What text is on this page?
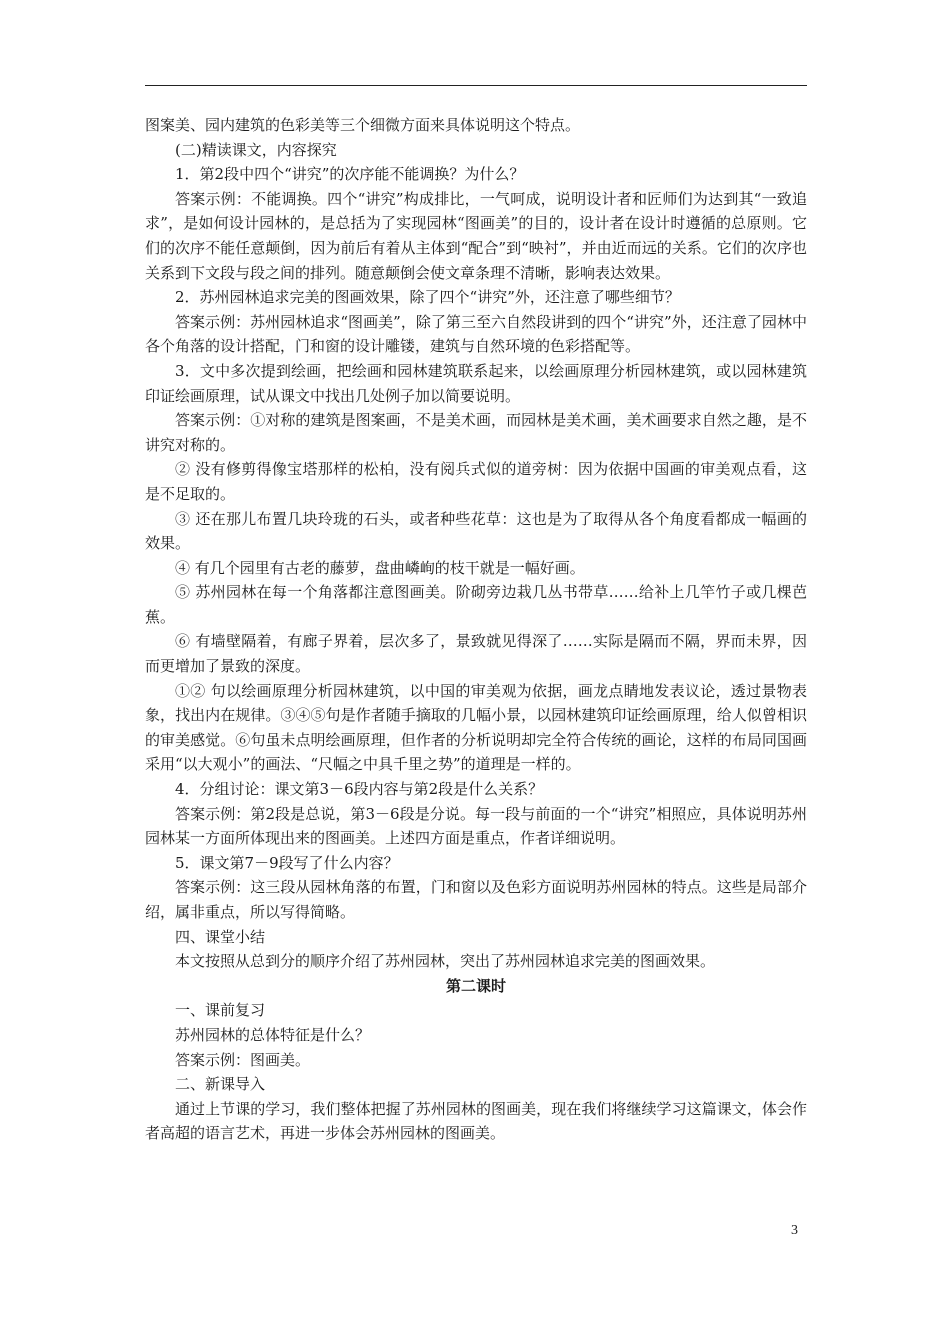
图案美、园内建筑的色彩美等三个细微方面来具体说明这个特点。

(二)精读课文，内容探究

1．第2段中四个“讲究”的次序能不能调换？为什么？

答案示例：不能调换。四个“讲究”构成排比，一气呵成，说明设计者和匠师们为达到其“一致追求”，是如何设计园林的，是总括为了实现园林“图画美”的目的，设计者在设计时遵循的总原则。它们的次序不能任意颠倒，因为前后有着从主体到“配合”到“映衬”，并由近而远的关系。它们的次序也关系到下文段与段之间的排列。随意颠倒会使文章条理不清晰，影响表达效果。

2．苏州园林追求完美的图画效果，除了四个“讲究”外，还注意了哪些细节？

答案示例：苏州园林追求“图画美”，除了第三至六自然段讲到的四个“讲究”外，还注意了园林中各个角落的设计搭配，门和窗的设计雕镂，建筑与自然环境的色彩搭配等。

3．文中多次提到绘画，把绘画和园林建筑联系起来，以绘画原理分析园林建筑，或以园林建筑印证绘画原理，试从课文中找出几处例子加以简要说明。

答案示例：①对称的建筑是图案画，不是美术画，而园林是美术画，美术画要求自然之趣，是不讲究对称的。

② 没有修剪得像宝塔那样的松柏，没有阅兵式似的道旁树：因为依据中国画的审美观点看，这是不足取的。

③ 还在那儿布置几块玲珑的石头，或者种些花草：这也是为了取得从各个角度看都成一幅画的效果。

④ 有几个园里有古老的藤萝，盘曲嶙峋的枝干就是一幅好画。

⑤ 苏州园林在每一个角落都注意图画美。阶砌旁边栽几丛书带草……给补上几竿竹子或几棵芭蕉。

⑥ 有墙壁隔着，有廊子界着，层次多了，景致就见得深了……实际是隔而不隔，界而未界，因而更增加了景致的深度。

①② 句以绘画原理分析园林建筑，以中国的审美观为依据，画龙点睛地发表议论，透过景物表象，找出内在规律。③④⑤句是作者随手摘取的几幅小景，以园林建筑印证绘画原理，给人似曾相识的审美感觉。⑥句虽未点明绘画原理，但作者的分析说明却完全符合传统的画论，这样的布局同国画采用“以大观小”的画法、“尺幅之中具千里之势”的道理是一样的。

4．分组讨论：课文第3－6段内容与第2段是什么关系？

答案示例：第2段是总说，第3－6段是分说。每一段与前面的一个“讲究”相照应，具体说明苏州园林某一方面所体现出来的图画美。上述四方面是重点，作者详细说明。

5．课文第7－9段写了什么内容？

答案示例：这三段从园林角落的布置，门和窗以及色彩方面说明苏州园林的特点。这些是局部介绍，属非重点，所以写得简略。

四、课堂小结

本文按照从总到分的顺序介绍了苏州园林，突出了苏州园林追求完美的图画效果。

第二课时

一、课前复习

苏州园林的总体特征是什么？

答案示例：图画美。

二、新课导入

通过上节课的学习，我们整体把握了苏州园林的图画美，现在我们将继续学习这篇课文，体会作者高超的语言艺术，再进一步体会苏州园林的图画美。

3
